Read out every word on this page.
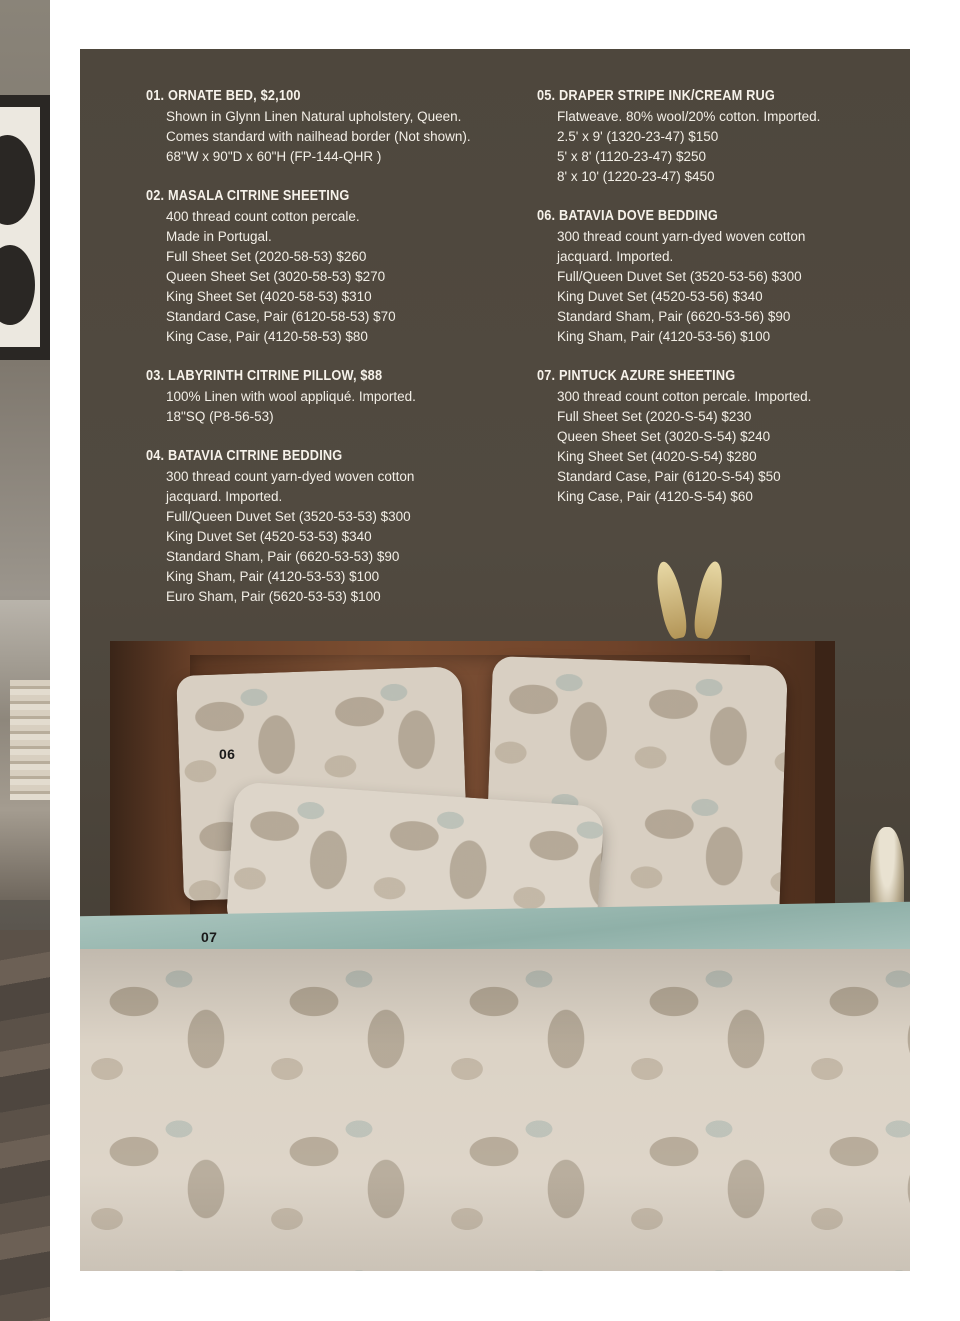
06
07
01. ORNATE BED, $2,100
Shown in Glynn Linen Natural upholstery, Queen.
Comes standard with nailhead border (Not shown).
68"W x 90"D x 60"H (FP-144-QHR )
02. MASALA CITRINE SHEETING
400 thread count cotton percale.
Made in Portugal.
Full Sheet Set (2020-58-53) $260
Queen Sheet Set (3020-58-53) $270
King Sheet Set (4020-58-53) $310
Standard Case, Pair (6120-58-53) $70
King Case, Pair (4120-58-53) $80
03. LABYRINTH CITRINE PILLOW, $88
100% Linen with wool appliqué. Imported.
18"SQ (P8-56-53)
04. BATAVIA CITRINE BEDDING
300 thread count yarn-dyed woven cotton
jacquard. Imported.
Full/Queen Duvet Set (3520-53-53) $300
King Duvet Set (4520-53-53) $340
Standard Sham, Pair (6620-53-53) $90
King Sham, Pair (4120-53-53) $100
Euro Sham, Pair (5620-53-53) $100
05. DRAPER STRIPE INK/CREAM RUG
Flatweave. 80% wool/20% cotton. Imported.
2.5' x 9' (1320-23-47) $150
5' x 8' (1120-23-47) $250
8' x 10' (1220-23-47) $450
06. BATAVIA DOVE BEDDING
300 thread count yarn-dyed woven cotton
jacquard. Imported.
Full/Queen Duvet Set (3520-53-56) $300
King Duvet Set (4520-53-56) $340
Standard Sham, Pair (6620-53-56) $90
King Sham, Pair (4120-53-56) $100
07. PINTUCK AZURE SHEETING
300 thread count cotton percale. Imported.
Full Sheet Set (2020-S-54) $230
Queen Sheet Set (3020-S-54) $240
King Sheet Set (4020-S-54) $280
Standard Case, Pair (6120-S-54) $50
King Case, Pair (4120-S-54) $60
